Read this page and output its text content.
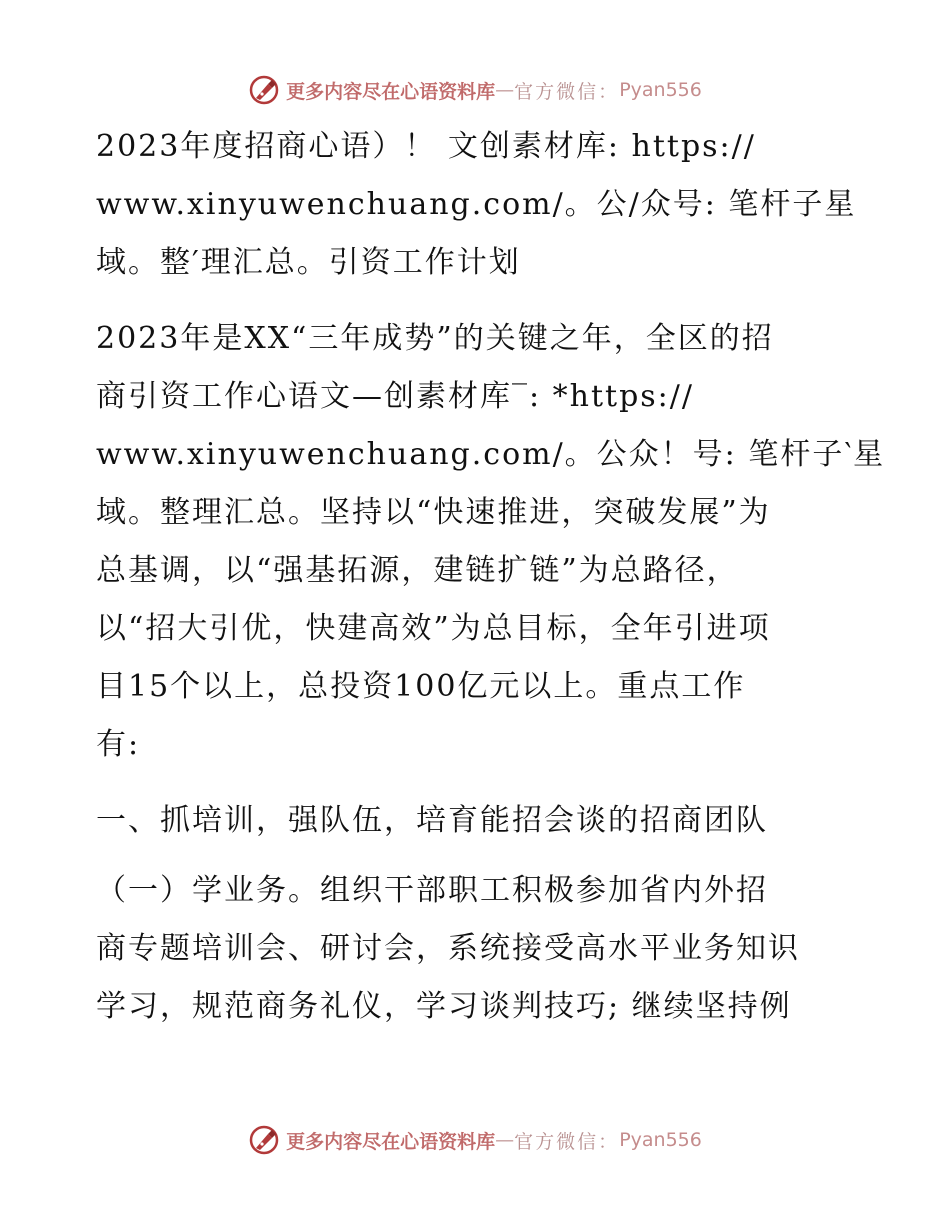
更多内容尽在心语资料库 — 官方微信： Pyan556
2023年度招商心语）！ 文创素材库: https://
www.xinyuwenchuang.com/。公/众号: 笔杆子星
域。整′理汇总。引资工作计划
2023年是XX“三年成势”的关键之年，全区的招
商引资工作心语文—创素材库‾: *https://
www.xinyuwenchuang.com/。公众！号: 笔杆子‵星
域。整理汇总。坚持以“快速推进，突破发展”为
总基调，以“强基拓源，建链扩链”为总路径，
以“招大引优，快建高效”为总目标，全年引进项
目15个以上，总投资100亿元以上。重点工作
有:
一、抓培训，强队伍，培育能招会谈的招商团队
（一）学业务。组织干部职工积极参加省内外招
商专题培训会、研讨会，系统接受高水平业务知识
学习，规范商务礼仪，学习谈判技巧; 继续坚持例
更多内容尽在心语资料库 — 官方微信： Pyan556
